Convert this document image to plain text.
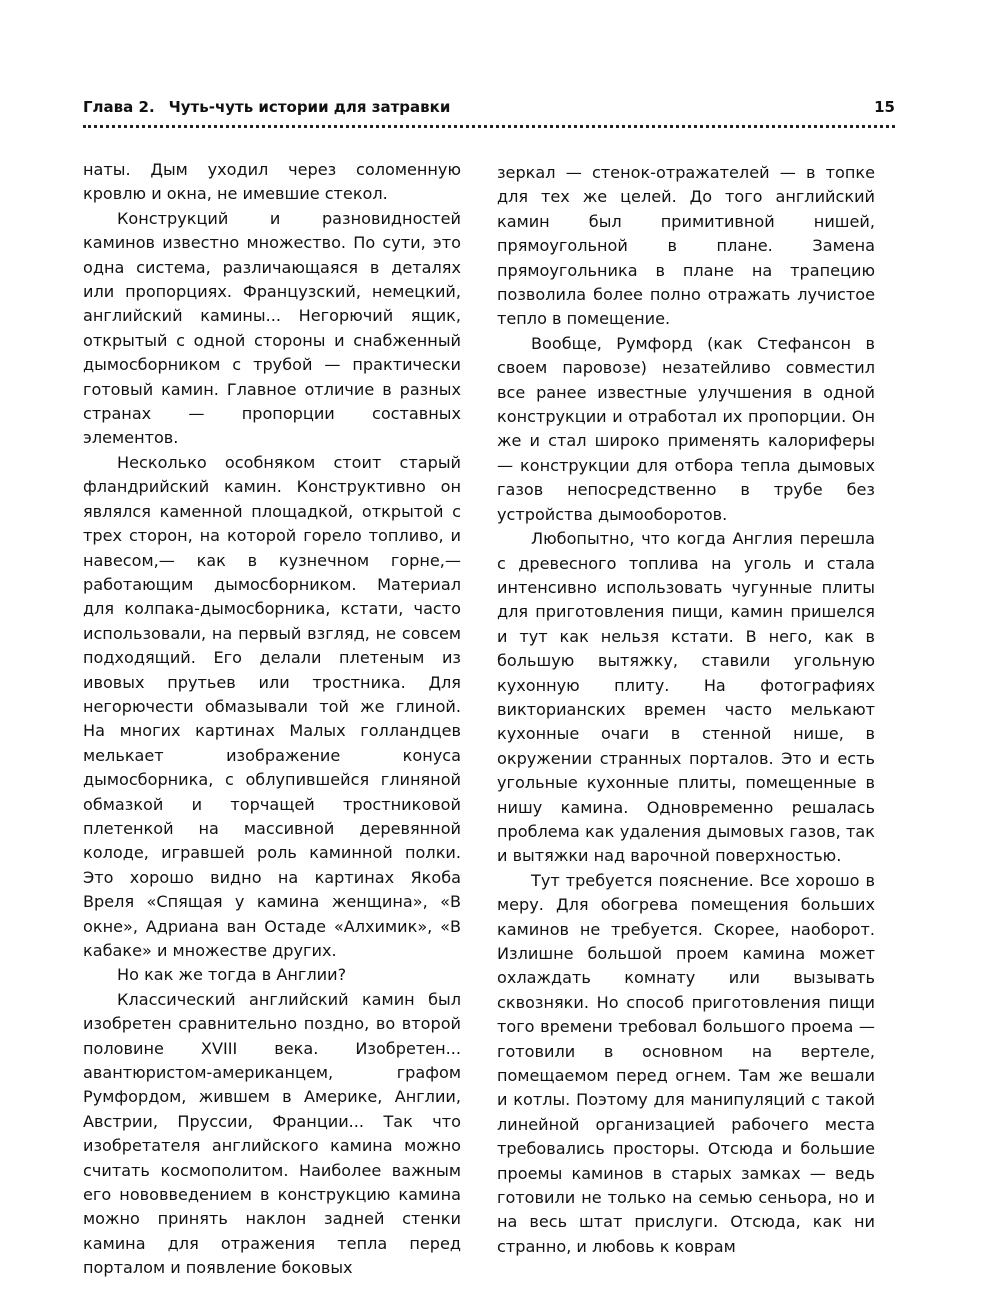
Глава 2. Чуть-чуть истории для затравки	15

наты. Дым уходил через соломенную кровлю и окна, не имевшие стекол.

Конструкций и разновидностей каминов известно множество. По сути, это одна система, различающаяся в деталях или пропорциях. Французский, немецкий, английский камины... Негорючий ящик, открытый с одной стороны и снабженный дымосборником с трубой — практически готовый камин. Главное отличие в разных странах — пропорции составных элементов.

Несколько особняком стоит старый фландрийский камин. Конструктивно он являлся каменной площадкой, открытой с трех сторон, на которой горело топливо, и навесом,— как в кузнечном горне,— работающим дымосборником. Материал для колпака-дымосборника, кстати, часто использовали, на первый взгляд, не совсем подходящий. Его делали плетеным из ивовых прутьев или тростника. Для негорючести обмазывали той же глиной. На многих картинах Малых голландцев мелькает изображение конуса дымосборника, с облупившейся глиняной обмазкой и торчащей тростниковой плетенкой на массивной деревянной колоде, игравшей роль каминной полки. Это хорошо видно на картинах Якоба Вреля «Спящая у камина женщина», «В окне», Адриана ван Остаде «Алхимик», «В кабаке» и множестве других.

Но как же тогда в Англии?

Классический английский камин был изобретен сравнительно поздно, во второй половине XVIII века. Изобретен... авантюристом-американцем, графом Румфордом, жившем в Америке, Англии, Австрии, Пруссии, Франции... Так что изобретателя английского камина можно считать космополитом. Наиболее важным его нововведением в конструкцию камина можно принять наклон задней стенки камина для отражения тепла перед порталом и появление боковых

зеркал — стенок-отражателей — в топке для тех же целей. До того английский камин был примитивной нишей, прямоугольной в плане. Замена прямоугольника в плане на трапецию позволила более полно отражать лучистое тепло в помещение.

Вообще, Румфорд (как Стефансон в своем паровозе) незатейливо совместил все ранее известные улучшения в одной конструкции и отработал их пропорции. Он же и стал широко применять калориферы — конструкции для отбора тепла дымовых газов непосредственно в трубе без устройства дымооборотов.

Любопытно, что когда Англия перешла с древесного топлива на уголь и стала интенсивно использовать чугунные плиты для приготовления пищи, камин пришелся и тут как нельзя кстати. В него, как в большую вытяжку, ставили угольную кухонную плиту. На фотографиях викторианских времен часто мелькают кухонные очаги в стенной нише, в окружении странных порталов. Это и есть угольные кухонные плиты, помещенные в нишу камина. Одновременно решалась проблема как удаления дымовых газов, так и вытяжки над варочной поверхностью.

Тут требуется пояснение. Все хорошо в меру. Для обогрева помещения больших каминов не требуется. Скорее, наоборот. Излишне большой проем камина может охлаждать комнату или вызывать сквозняки. Но способ приготовления пищи того времени требовал большого проема — готовили в основном на вертеле, помещаемом перед огнем. Там же вешали и котлы. Поэтому для манипуляций с такой линейной организацией рабочего места требовались просторы. Отсюда и большие проемы каминов в старых замках — ведь готовили не только на семью сеньора, но и на весь штат прислуги. Отсюда, как ни странно, и любовь к коврам
